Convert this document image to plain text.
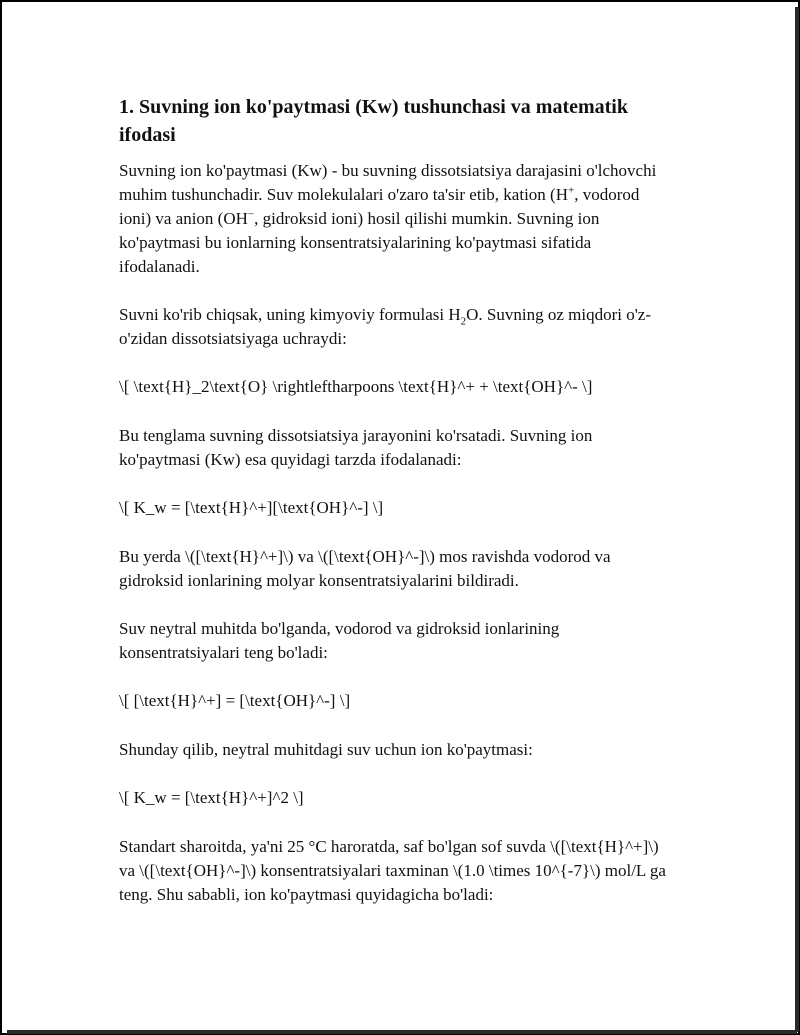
1. Suvning ion ko'paytmasi (Kw) tushunchasi va matematik ifodasi

Suvning ion ko'paytmasi (Kw) - bu suvning dissotsiatsiya darajasini o'lchovchi muhim tushunchadir. Suv molekulalari o'zaro ta'sir etib, kation (H+, vodorod ioni) va anion (OH−, gidroksid ioni) hosil qilishi mumkin. Suvning ion ko'paytmasi bu ionlarning konsentratsiyalarining ko'paytmasi sifatida ifodalanadi.

Suvni ko'rib chiqsak, uning kimyoviy formulasi $H_2O$. Suvning oz miqdori o'z-o'zidan dissotsiatsiyaga uchraydi:

\[ \text{H}_2\text{O} \rightleftharpoons \text{H}^+ + \text{OH}^- \]

Bu tenglama suvning dissotsiatsiya jarayonini ko'rsatadi. Suvning ion ko'paytmasi (Kw) esa quyidagi tarzda ifodalanadi:

\[ K_w = [\text{H}^+][\text{OH}^-] \]

Bu yerda \([\text{H}^+]\) va \([\text{OH}^-]\) mos ravishda vodorod va gidroksid ionlarining molyar konsentratsiyalarini bildiradi.

Suv neytral muhitda bo'lganda, vodorod va gidroksid ionlarining konsentratsiyalari teng bo'ladi:

\[ [\text{H}^+] = [\text{OH}^-] \]

Shunday qilib, neytral muhitdagi suv uchun ion ko'paytmasi:

\[ K_w = [\text{H}^+]^2 \]

Standart sharoitda, ya'ni 25 °C haroratda, saf bo'lgan sof suvda \([\text{H}^+]\) va \([\text{OH}^-]\) konsentratsiyalari taxminan \(1.0 \times 10^{-7}\) mol/L ga teng. Shu sababli, ion ko'paytmasi quyidagicha bo'ladi:
